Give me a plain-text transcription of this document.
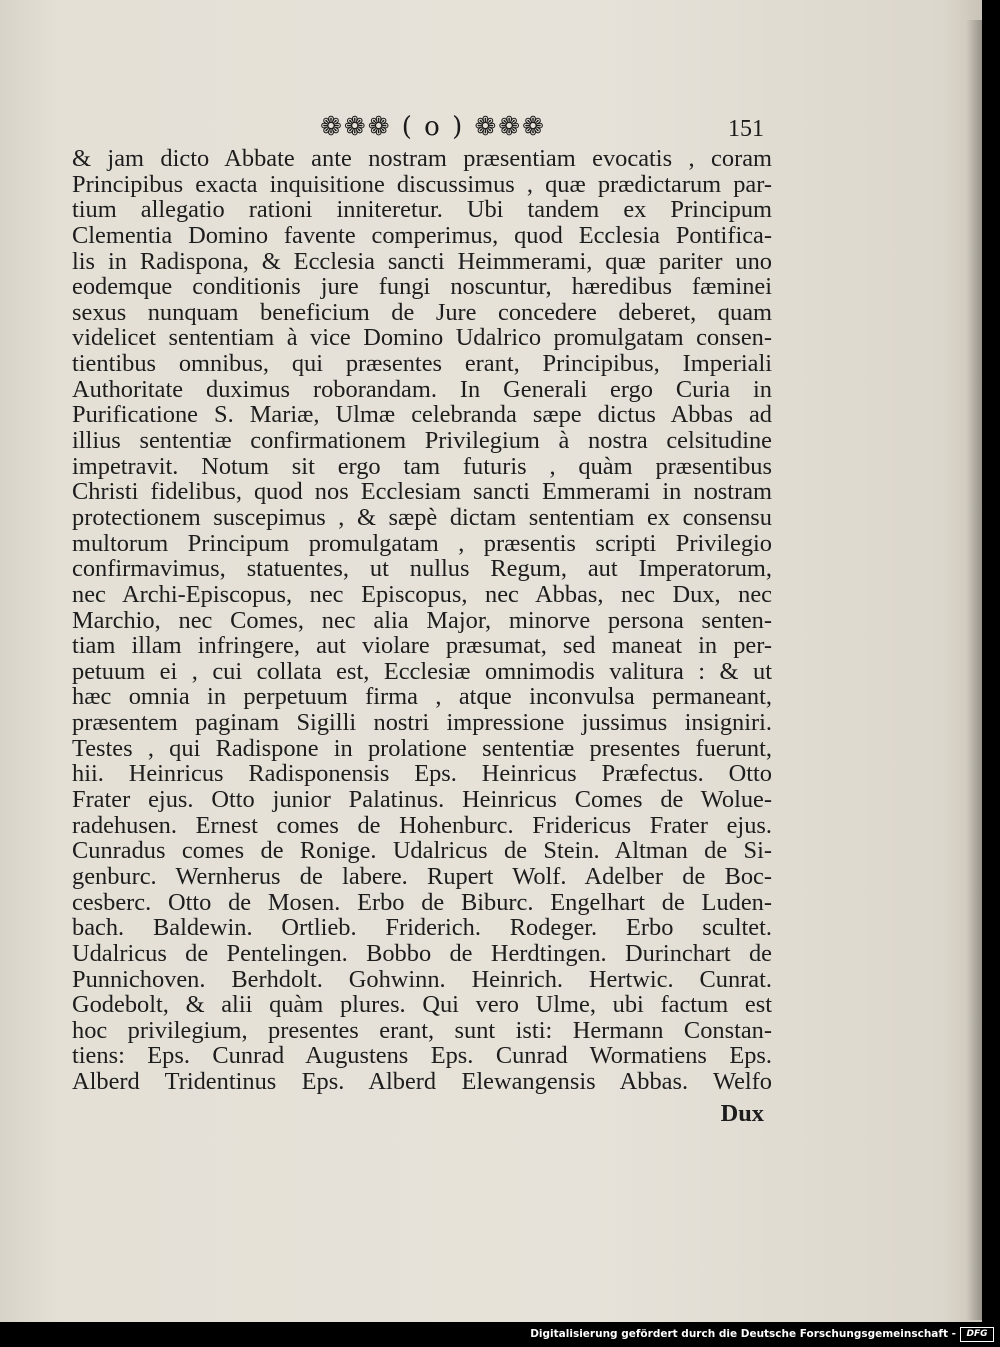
❁❁❁ ( o ) ❁❁❁	151
& jam dicto Abbate ante nostram præsentiam evocatis , coram
Principibus exacta inquisitione discussimus , quæ prædictarum par-
tium allegatio rationi inniteretur. Ubi tandem ex Principum
Clementia Domino favente comperimus, quod Ecclesia Pontifica-
lis in Radispona, & Ecclesia sancti Heimmerami, quæ pariter uno
eodemque conditionis jure fungi noscuntur, hæredibus fæminei
sexus nunquam beneficium de Jure concedere deberet, quam
videlicet sententiam à vice Domino Udalrico promulgatam consen-
tientibus omnibus, qui præsentes erant, Principibus, Imperiali
Authoritate duximus roborandam. In Generali ergo Curia in
Purificatione S. Mariæ, Ulmæ celebranda sæpe dictus Abbas ad
illius sententiæ confirmationem Privilegium à nostra celsitudine
impetravit. Notum sit ergo tam futuris , quàm præsentibus
Christi fidelibus, quod nos Ecclesiam sancti Emmerami in nostram
protectionem suscepimus , & sæpè dictam sententiam ex consensu
multorum Principum promulgatam , præsentis scripti Privilegio
confirmavimus, statuentes, ut nullus Regum, aut Imperatorum,
nec Archi-Episcopus, nec Episcopus, nec Abbas, nec Dux, nec
Marchio, nec Comes, nec alia Major, minorve persona senten-
tiam illam infringere, aut violare præsumat, sed maneat in per-
petuum ei , cui collata est, Ecclesiæ omnimodis valitura : & ut
hæc omnia in perpetuum firma , atque inconvulsa permaneant,
præsentem paginam Sigilli nostri impressione jussimus insigniri.
Testes , qui Radispone in prolatione sententiæ presentes fuerunt,
hii. Heinricus Radisponensis Eps. Heinricus Præfectus. Otto
Frater ejus. Otto junior Palatinus. Heinricus Comes de Wolue-
radehusen. Ernest comes de Hohenburc. Fridericus Frater ejus.
Cunradus comes de Ronige. Udalricus de Stein. Altman de Si-
genburc. Wernherus de labere. Rupert Wolf. Adelber de Boc-
cesberc. Otto de Mosen. Erbo de Biburc. Engelhart de Luden-
bach. Baldewin. Ortlieb. Friderich. Rodeger. Erbo scultet.
Udalricus de Pentelingen. Bobbo de Herdtingen. Durinchart de
Punnichoven. Berhdolt. Gohwinn. Heinrich. Hertwic. Cunrat.
Godebolt, & alii quàm plures. Qui vero Ulme, ubi factum est
hoc privilegium, presentes erant, sunt isti: Hermann Constan-
tiens: Eps. Cunrad Augustens Eps. Cunrad Wormatiens Eps.
Alberd Tridentinus Eps. Alberd Elewangensis Abbas. Welfo
Dux
Digitalisierung gefördert durch die Deutsche Forschungsgemeinschaft -	DFG
